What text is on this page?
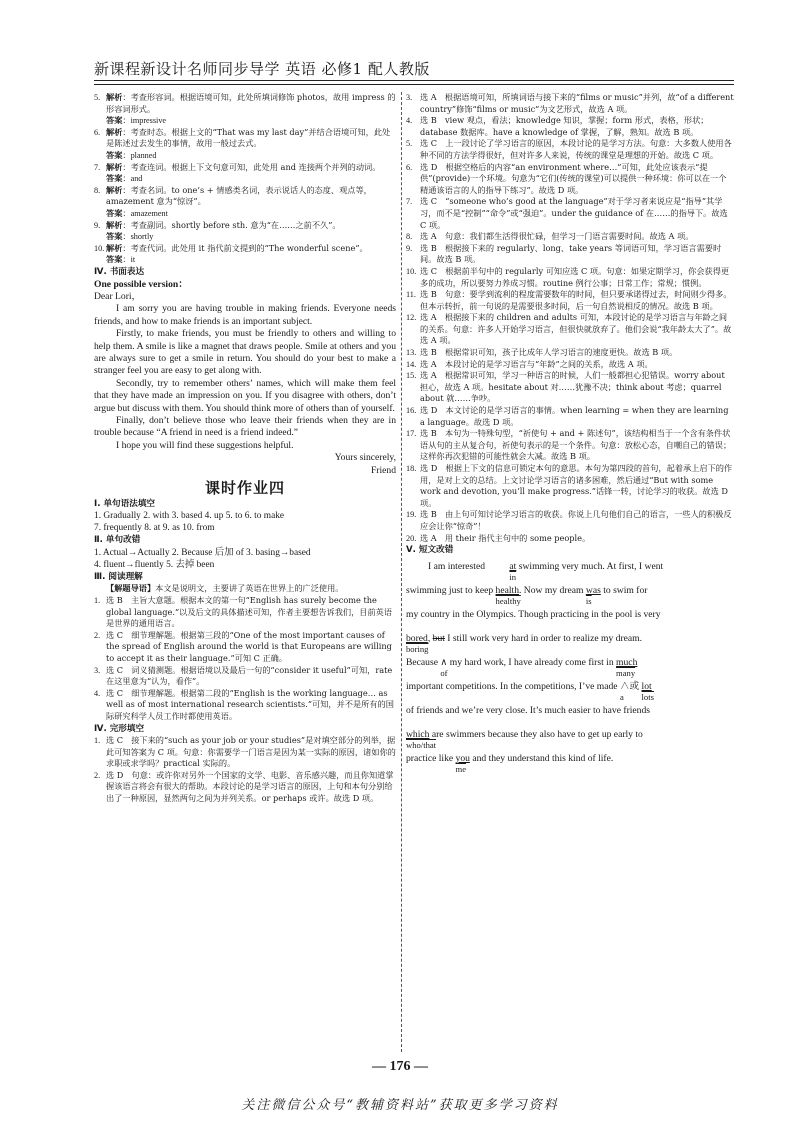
新课程新设计名师同步导学 英语 必修1 配人教版
5. 解析：考查形容词。根据语境可知，此处所填词修饰 photos，故用 impress 的形容词形式。
答案：impressive
6. 解析：考查时态。根据上文的“That was my last day”并结合语境可知，此处是陈述过去发生的事情，故用一般过去式。
答案：planned
7. 解析：考查连词。根据上下文句意可知，此处用 and 连接两个并列的动词。
答案：and
8. 解析：考查名词。to one’s + 情感类名词，表示说话人的态度、观点等，amazement 意为“惊讶”。
答案：amazement
9. 解析：考查副词。shortly before sth. 意为“在……之前不久”。
答案：shortly
10. 解析：考查代词。此处用 it 指代前文提到的“The wonderful scene”。
答案：it
Ⅳ. 书面表达
One possible version：
Dear Lori，

I am sorry you are having trouble in making friends. Everyone needs friends, and how to make friends is an important subject.

Firstly, to make friends, you must be friendly to others and willing to help them. A smile is like a magnet that draws people. Smile at others and you are always sure to get a smile in return. You should do your best to make a stranger feel you are easy to get along with.

Secondly, try to remember others’ names, which will make them feel that they have made an impression on you. If you disagree with others, don’t argue but discuss with them. You should think more of others than of yourself.

Finally, don’t believe those who leave their friends when they are in trouble because “A friend in need is a friend indeed.”

I hope you will find these suggestions helpful.

Yours sincerely,
Friend
课时作业四
Ⅰ. 单句语法填空
1. Gradually 2. with 3. based 4. up 5. to 6. to make
7. frequently 8. at 9. as 10. from
Ⅱ. 单句改错
1. Actual→Actually 2. Because 后加 of 3. basing→based
4. fluent→fluently 5. 去掉 been
Ⅲ. 阅读理解
【解题导语】本文是说明文，主要讲了英语在世界上的广泛使用。
1. 选 B　主旨大意题。根据本文的第一句“English has surely become the global language.”以及后文的具体描述可知，作者主要想告诉我们，目前英语是世界的通用语言。
2. 选 C　细节理解题。根据第三段的“One of the most important causes of the spread of English around the world is that Europeans are willing to accept it as their language.”可知 C 正确。
3. 选 C　词义猜测题。根据语境以及最后一句的“consider it useful”可知，rate 在这里意为“认为，看作”。
4. 选 C　细节理解题。根据第二段的“English is the working language… as well as of most international research scientists.”可知，并不是所有的国际研究科学人员工作时都使用英语。
Ⅳ. 完形填空
1. 选 C　接下来的“such as your job or your studies”是对填空部分的列举，据此可知答案为 C 项。句意：你需要学一门语言是因为某一实际的原因，诸如你的求职或求学吗？practical 实际的。
2. 选 D　句意：或许你对另外一个国家的文学、电影、音乐感兴趣，而且你知道掌握该语言将会有很大的帮助。本段讨论的是学习语言的原因，上句和本句分别给出了一种原因，显然两句之间为并列关系。or perhaps 或许。故选 D 项。
3. 选 A　根据语境可知，所填词语与接下来的“films or music”并列，故“of a different country”修饰“films or music”为文艺形式，故选 A 项。
4. 选 B　view 观点，看法；knowledge 知识，掌握；form 形式，表格，形状；database 数据库。have a knowledge of 掌握，了解，熟知。故选 B 项。
5. 选 C　上一段讨论了学习语言的原因，本段讨论的是学习方法。句意：大多数人使用各种不同的方法学得很好，但对许多人来说，传统的课堂是理想的开始。故选 C 项。
6. 选 D　根据空格后的内容“an environment where…”可知，此处应该表示“提供”(provide)一个环境。句意为“它们(传统的课堂)可以提供一种环境：你可以在一个精通该语言的人的指导下练习”。故选 D 项。
7. 选 C　“someone who’s good at the language”对于学习者来说应是“指导”其学习，而不是“控制”“命令”或“强迫”。under the guidance of 在……的指导下。故选 C 项。
8. 选 A　句意：我们都生活得很忙碌，但学习一门语言需要时间。故选 A 项。
9. 选 B　根据接下来的 regularly、long、take years 等词语可知，学习语言需要时间。故选 B 项。
10. 选 C　根据前半句中的 regularly 可知应选 C 项。句意：如果定期学习，你会获得更多的成功，所以要努力养成习惯。routine 例行公事；日常工作；常规；惯例。
11. 选 B　句意：要学到流利的程度需要数年的时间，但只要承诺得过去，时间则少得多。但本示转折，前一句说的是需要很多时间，后一句自然说相反的情况。故选 B 项。
12. 选 A　根据接下来的 children and adults 可知，本段讨论的是学习语言与年龄之间的关系。句意：许多人开始学习语言，但很快就放弃了。他们会说“我年龄太大了”。故选 A 项。
13. 选 B　根据常识可知，孩子比成年人学习语言的速度更快。故选 B 项。
14. 选 A　本段讨论的是学习语言与“年龄”之间的关系，故选 A 项。
15. 选 A　根据常识可知，学习一种语言的时候，人们一般都担心犯错误。worry about 担心，故选 A 项。hesitate about 对……犹豫不决；think about 考虑；quarrel about 就……争吵。
16. 选 D　本文讨论的是学习语言的事情。when learning = when they are learning a language。故选 D 项。
17. 选 B　本句为一特殊句型，“祈使句 + and + 陈述句”，该结构相当于一个含有条件状语从句的主从复合句，祈使句表示的是一个条件。句意：放松心态，自嘲自己的错误；这样你再次犯错的可能性就会大减。故选 B 项。
18. 选 D　根据上下文的信息可锁定本句的意思。本句为第四段的首句，起着承上启下的作用，是对上文的总结。上文讨论学习语言的诸多困难，然后通过“But with some work and devotion, you’ll make progress.”话锋一转，讨论学习的收获。故选 D 项。
19. 选 B　由上句可知讨论学习语言的收获。你说上几句他们自己的语言，一些人的积极反应会让你“惊奇”！
20. 选 A　用 their 指代主句中的 some people。
Ⅴ. 短文改错
I am interested $\frac{at}{in}$ swimming very much. At first, I went
swimming just to keep health
healthy
. Now my dream was
is
to swim for
my country in the Olympics. Though practicing in the pool is very
bored
boring
, but I still work very hard in order to realize my dream.
Because ∧
of
my hard work, I have already come first in much
many
important competitions. In the competitions, I’ve made ∧或
a
lot
lots
of friends and we’re very close. It’s much easier to have friends
which
who/that
are swimmers because they also have to get up early to
practice like you
me
and they understand this kind of life.
— 176 —
关注微信公众号“教辅资料站”获取更多学习资料
